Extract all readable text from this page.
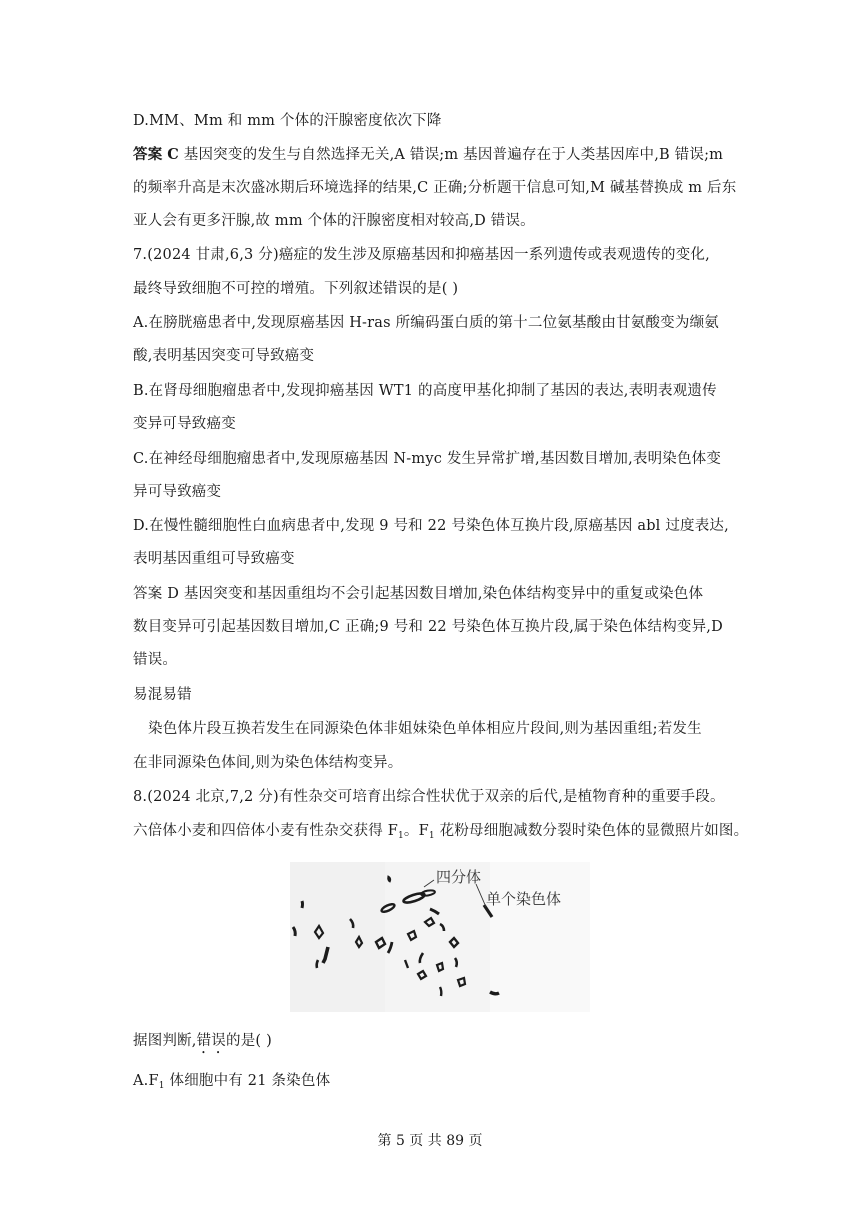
D.MM、Mm 和 mm 个体的汗腺密度依次下降
答案 C 基因突变的发生与自然选择无关,A 错误;m 基因普遍存在于人类基因库中,B 错误;m
的频率升高是末次盛冰期后环境选择的结果,C 正确;分析题干信息可知,M 碱基替换成 m 后东
亚人会有更多汗腺,故 mm 个体的汗腺密度相对较高,D 错误。
7.(2024 甘肃,6,3 分)癌症的发生涉及原癌基因和抑癌基因一系列遗传或表观遗传的变化,
最终导致细胞不可控的增殖。下列叙述错误的是( )
A.在膀胱癌患者中,发现原癌基因 H-ras 所编码蛋白质的第十二位氨基酸由甘氨酸变为缬氨
酸,表明基因突变可导致癌变
B.在肾母细胞瘤患者中,发现抑癌基因 WT1 的高度甲基化抑制了基因的表达,表明表观遗传
变异可导致癌变
C.在神经母细胞瘤患者中,发现原癌基因 N-myc 发生异常扩增,基因数目增加,表明染色体变
异可导致癌变
D.在慢性髓细胞性白血病患者中,发现 9 号和 22 号染色体互换片段,原癌基因 abl 过度表达,
表明基因重组可导致癌变
答案 D 基因突变和基因重组均不会引起基因数目增加,染色体结构变异中的重复或染色体
数目变异可引起基因数目增加,C 正确;9 号和 22 号染色体互换片段,属于染色体结构变异,D
错误。
易混易错
染色体片段互换若发生在同源染色体非姐妹染色单体相应片段间,则为基因重组;若发生
在非同源染色体间,则为染色体结构变异。
8.(2024 北京,7,2 分)有性杂交可培育出综合性状优于双亲的后代,是植物育种的重要手段。
六倍体小麦和四倍体小麦有性杂交获得 $F_1$。$F_1$ 花粉母细胞减数分裂时染色体的显微照片如图。
四分体
单个染色体
据图判断,错误的是( )
$A.F_1$ 体细胞中有 21 条染色体
第 5 页 共 89 页
